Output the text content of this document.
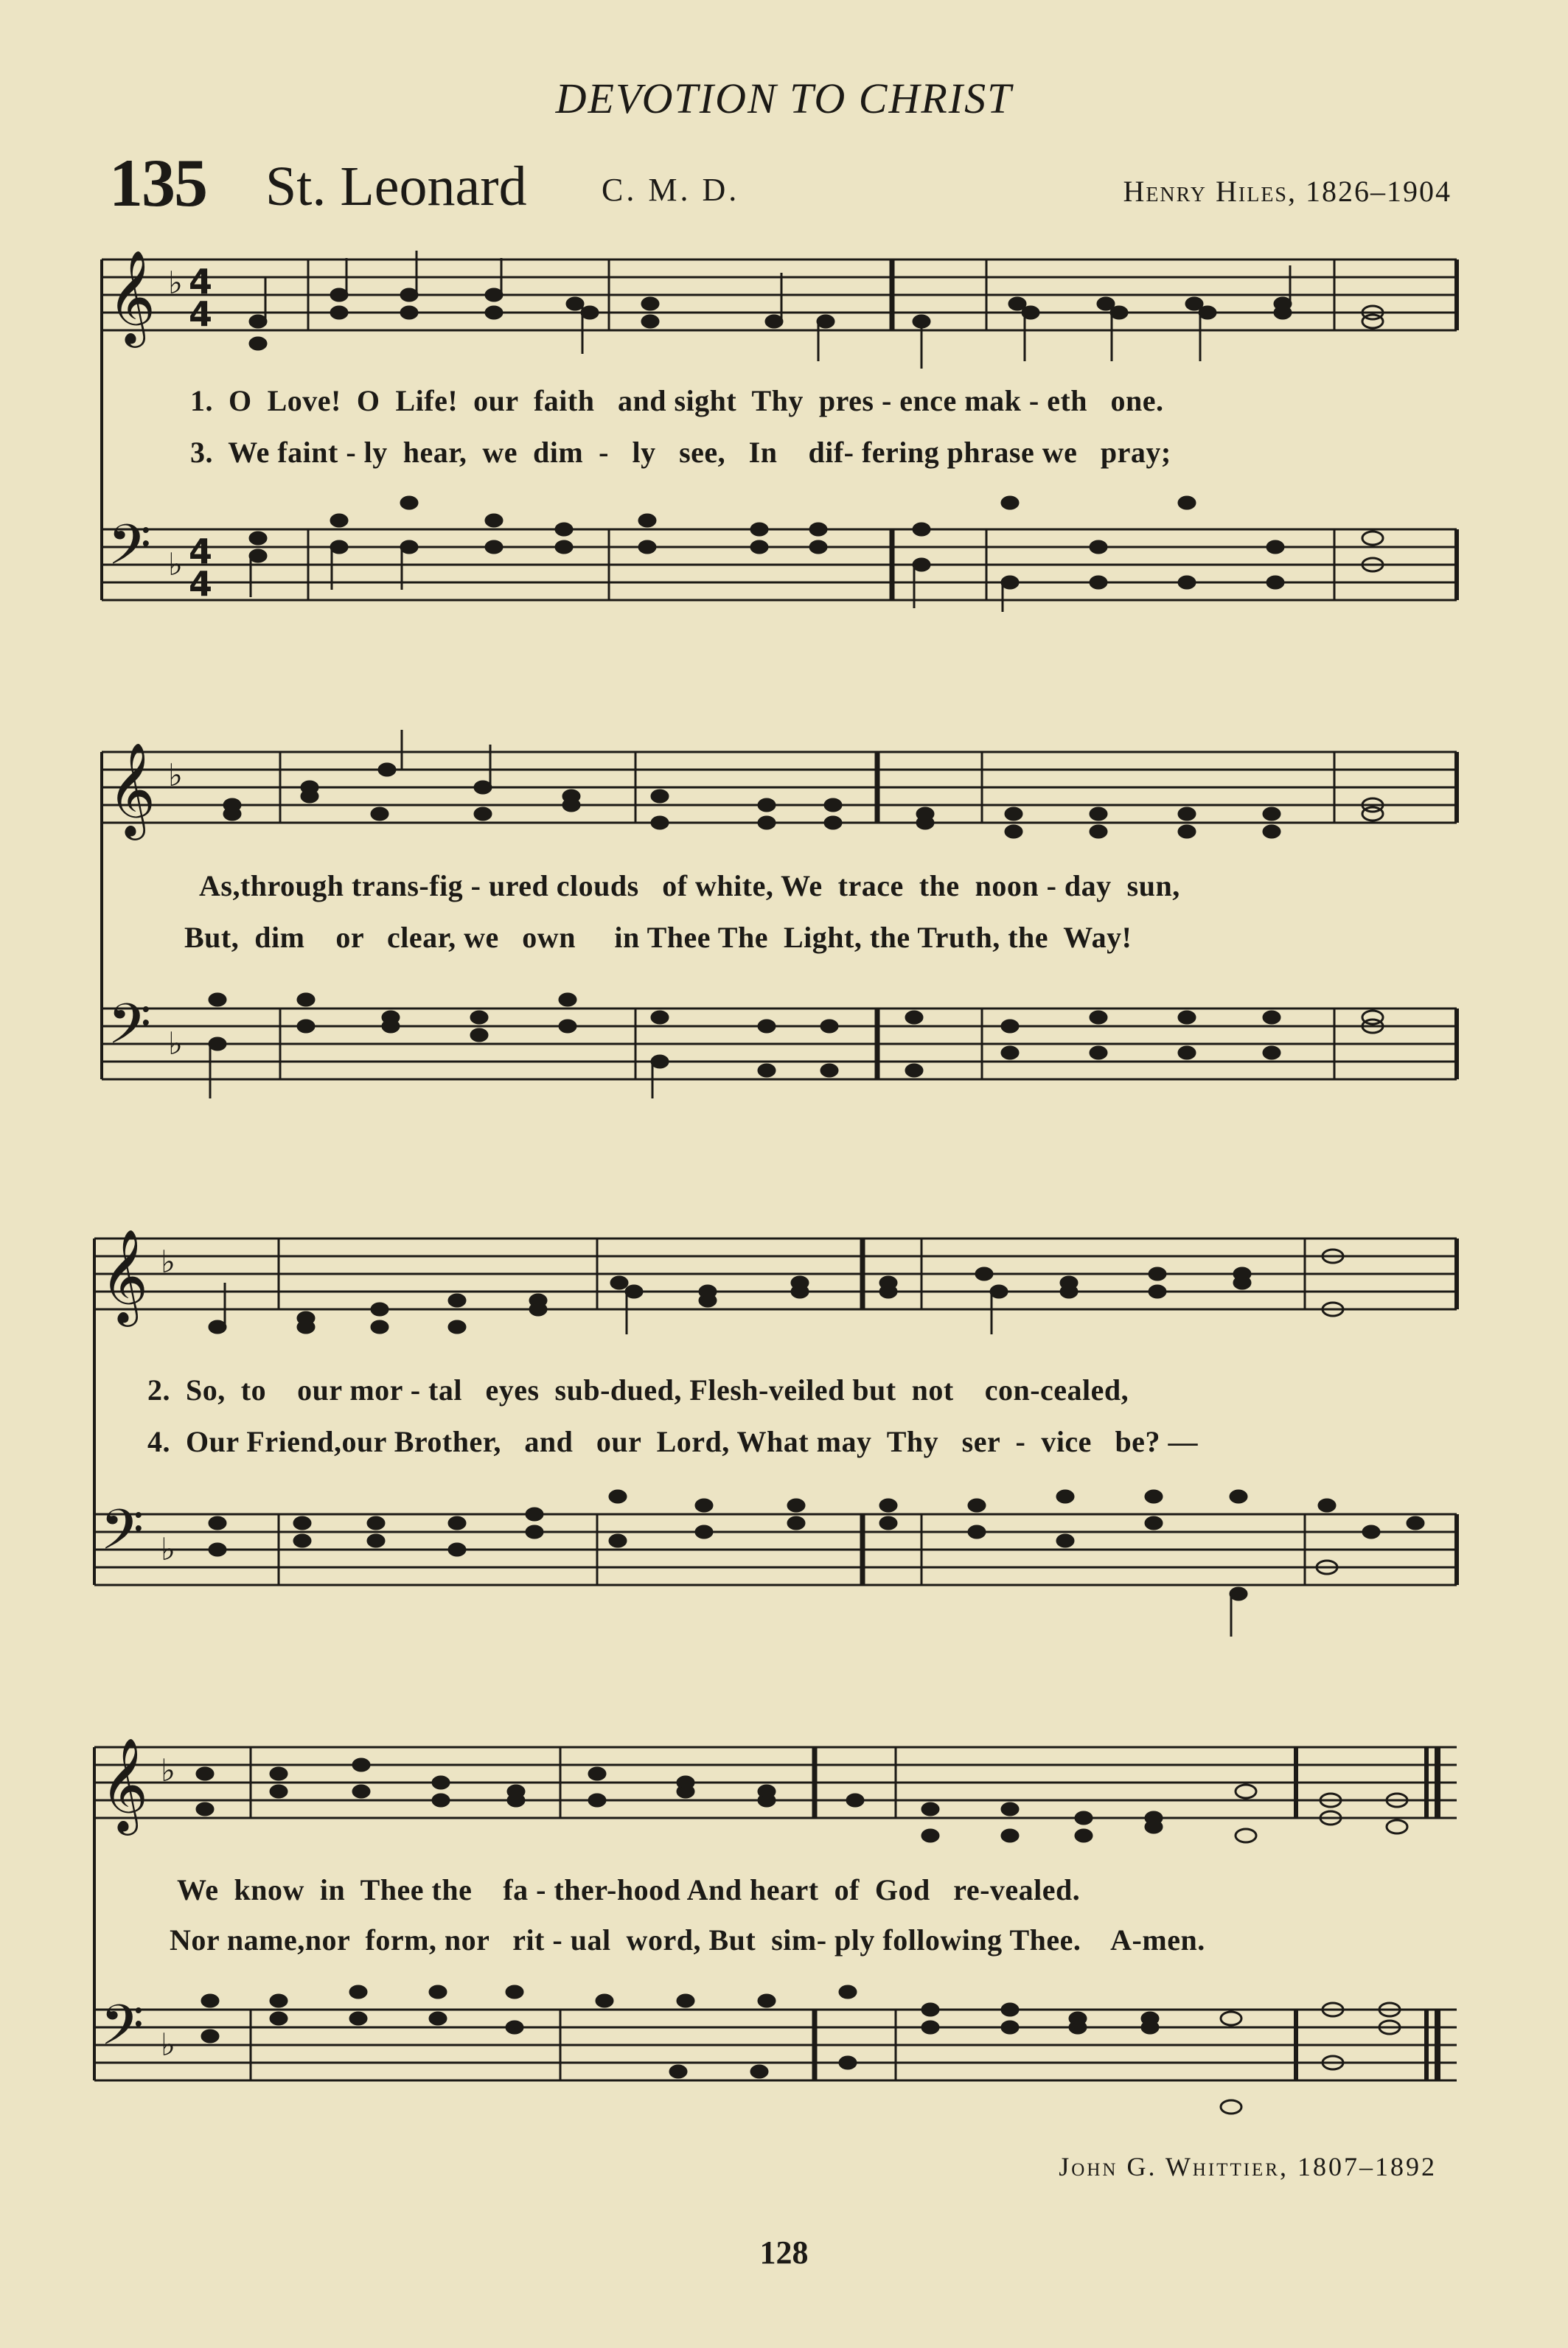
DEVOTION TO CHRIST
135 St. Leonard C. M. D.	Henry Hiles, 1826–1904
𝄞
𝄢
♭
♭
4
4
4
4
1.  O  Love!  O  Life!  our  faith   and sight  Thy  pres - ence mak - eth   one.
3.  We faint - ly  hear,  we  dim  -   ly   see,   In    dif- fering phrase we   pray;
𝄞
𝄢
♭
♭
As,through trans-fig - ured clouds   of white, We  trace  the  noon - day  sun,
But,  dim    or   clear, we   own     in Thee The  Light, the Truth, the  Way!
𝄞
𝄢
♭
♭
2.  So,  to    our mor - tal   eyes  sub-dued, Flesh-veiled but  not    con-cealed,
4.  Our Friend,our Brother,   and   our  Lord, What may  Thy   ser  -  vice   be? —
𝄞
𝄢
♭
♭
We  know  in  Thee the    fa - ther-hood And heart  of  God   re-vealed.
Nor name,nor  form, nor   rit - ual  word, But  sim- ply following Thee.    A-men.
John G. Whittier, 1807–1892
128
